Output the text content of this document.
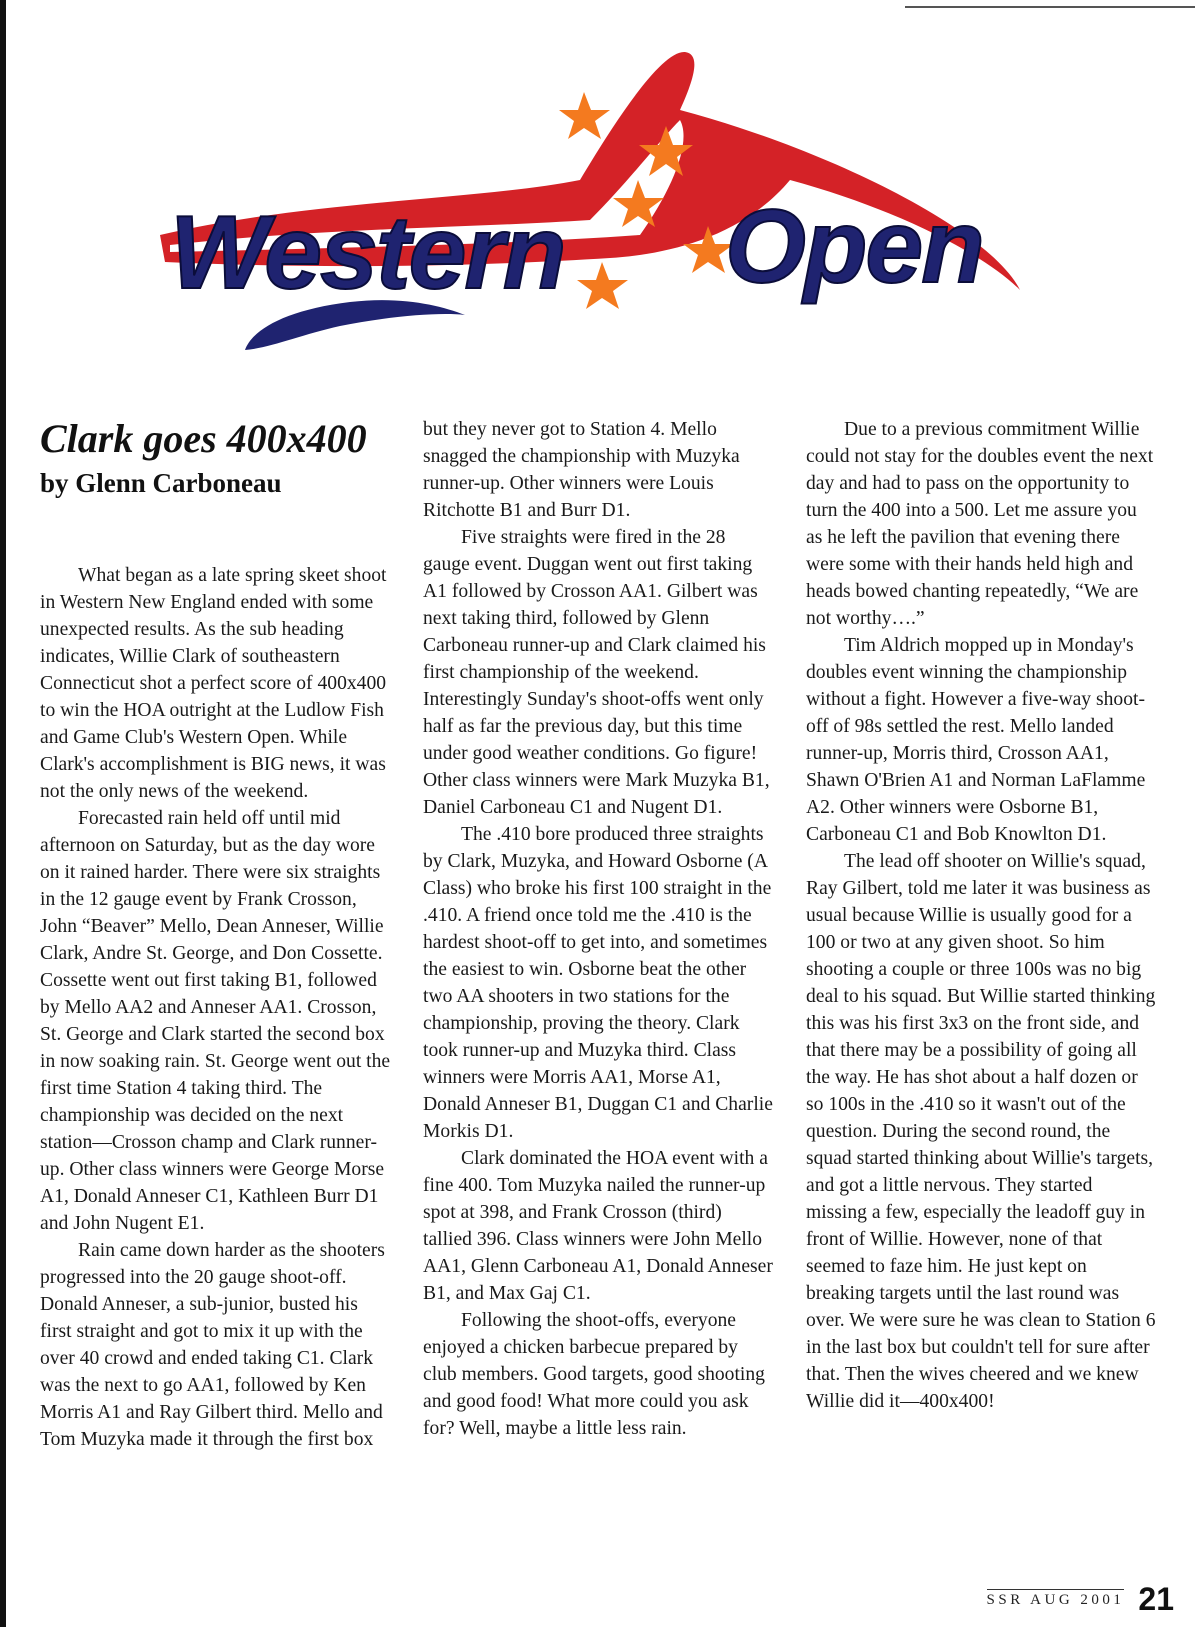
Western Open
Clark goes 400x400
by Glenn Carboneau

What began as a late spring skeet shoot in Western New England ended with some unexpected results. As the sub heading indicates, Willie Clark of southeastern Connecticut shot a perfect score of 400x400 to win the HOA outright at the Ludlow Fish and Game Club's Western Open. While Clark's accomplishment is BIG news, it was not the only news of the weekend.

Forecasted rain held off until mid afternoon on Saturday, but as the day wore on it rained harder. There were six straights in the 12 gauge event by Frank Crosson, John “Beaver” Mello, Dean Anneser, Willie Clark, Andre St. George, and Don Cossette. Cossette went out first taking B1, followed by Mello AA2 and Anneser AA1. Crosson, St. George and Clark started the second box in now soaking rain. St. George went out the first time Station 4 taking third. The championship was decided on the next station—Crosson champ and Clark runner-up. Other class winners were George Morse A1, Donald Anneser C1, Kathleen Burr D1 and John Nugent E1.

Rain came down harder as the shooters progressed into the 20 gauge shoot-off. Donald Anneser, a sub-junior, busted his first straight and got to mix it up with the over 40 crowd and ended taking C1. Clark was the next to go AA1, followed by Ken Morris A1 and Ray Gilbert third. Mello and Tom Muzyka made it through the first box

but they never got to Station 4. Mello snagged the championship with Muzyka runner-up. Other winners were Louis Ritchotte B1 and Burr D1.

Five straights were fired in the 28 gauge event. Duggan went out first taking A1 followed by Crosson AA1. Gilbert was next taking third, followed by Glenn Carboneau runner-up and Clark claimed his first championship of the weekend. Interestingly Sunday's shoot-offs went only half as far the previous day, but this time under good weather conditions. Go figure! Other class winners were Mark Muzyka B1, Daniel Carboneau C1 and Nugent D1.

The .410 bore produced three straights by Clark, Muzyka, and Howard Osborne (A Class) who broke his first 100 straight in the .410. A friend once told me the .410 is the hardest shoot-off to get into, and sometimes the easiest to win. Osborne beat the other two AA shooters in two stations for the championship, proving the theory. Clark took runner-up and Muzyka third. Class winners were Morris AA1, Morse A1, Donald Anneser B1, Duggan C1 and Charlie Morkis D1.

Clark dominated the HOA event with a fine 400. Tom Muzyka nailed the runner-up spot at 398, and Frank Crosson (third) tallied 396. Class winners were John Mello AA1, Glenn Carboneau A1, Donald Anneser B1, and Max Gaj C1.

Following the shoot-offs, everyone enjoyed a chicken barbecue prepared by club members. Good targets, good shooting and good food! What more could you ask for? Well, maybe a little less rain.

Due to a previous commitment Willie could not stay for the doubles event the next day and had to pass on the opportunity to turn the 400 into a 500. Let me assure you as he left the pavilion that evening there were some with their hands held high and heads bowed chanting repeatedly, “We are not worthy….”

Tim Aldrich mopped up in Monday's doubles event winning the championship without a fight. However a five-way shoot-off of 98s settled the rest. Mello landed runner-up, Morris third, Crosson AA1, Shawn O'Brien A1 and Norman LaFlamme A2. Other winners were Osborne B1, Carboneau C1 and Bob Knowlton D1.

The lead off shooter on Willie's squad, Ray Gilbert, told me later it was business as usual because Willie is usually good for a 100 or two at any given shoot. So him shooting a couple or three 100s was no big deal to his squad. But Willie started thinking this was his first 3x3 on the front side, and that there may be a possibility of going all the way. He has shot about a half dozen or so 100s in the .410 so it wasn't out of the question. During the second round, the squad started thinking about Willie's targets, and got a little nervous. They started missing a few, especially the leadoff guy in front of Willie. However, none of that seemed to faze him. He just kept on breaking targets until the last round was over. We were sure he was clean to Station 6 in the last box but couldn't tell for sure after that. Then the wives cheered and we knew Willie did it—400x400!

SSR AUG 2001 21
